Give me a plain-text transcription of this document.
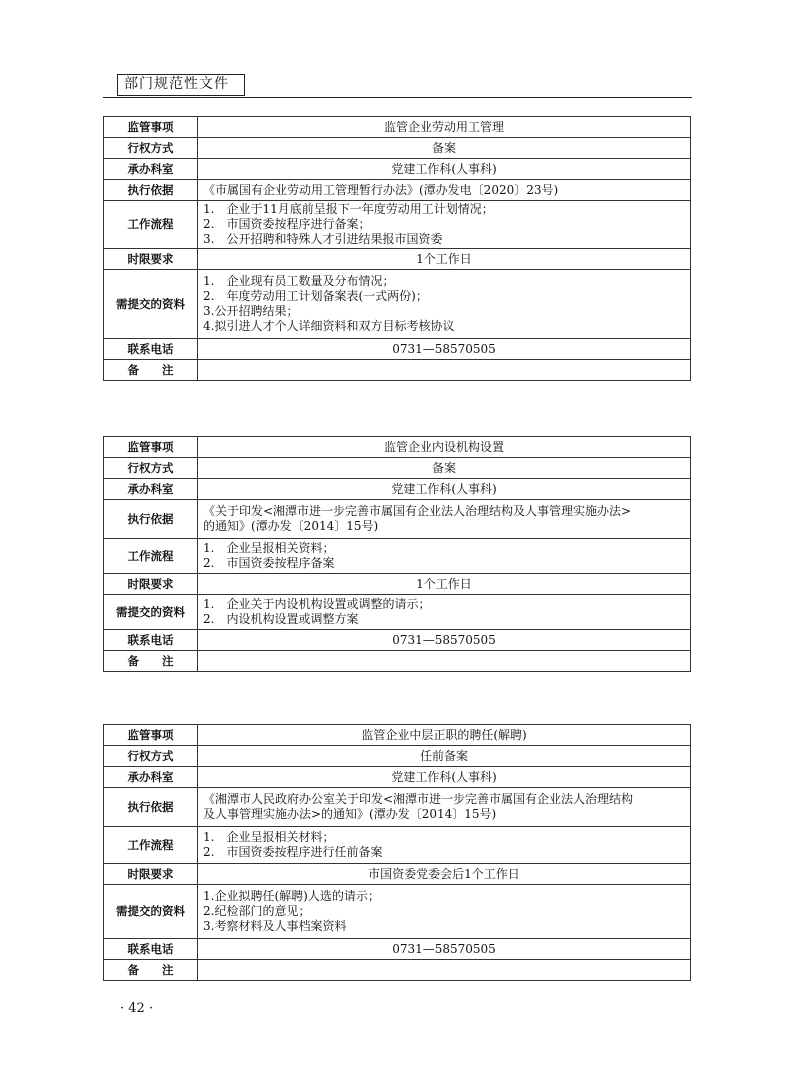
部门规范性文件
监管事项	监管企业劳动用工管理
行权方式	备案
承办科室	党建工作科(人事科)
执行依据	《市属国有企业劳动用工管理暂行办法》(潭办发电〔2020〕23号)

工作流程	1.　企业于11月底前呈报下一年度劳动用工计划情况；
2.　市国资委按程序进行备案；
3.　公开招聘和特殊人才引进结果报市国资委

时限要求	1个工作日
需提交的资料	1.　企业现有员工数量及分布情况；
2.　年度劳动用工计划备案表(一式两份)；
3.公开招聘结果；
4.拟引进人才个人详细资料和双方目标考核协议

联系电话	0731—58570505
备　　注	
监管事项	监管企业内设机构设置
行权方式	备案
承办科室	党建工作科(人事科)
执行依据	《关于印发<湘潭市进一步完善市属国有企业法人治理结构及人事管理实施办法>
的通知》(潭办发〔2014〕15号)

工作流程	1.　企业呈报相关资料；
2.　市国资委按程序备案

时限要求	1个工作日
需提交的资料	1.　企业关于内设机构设置或调整的请示；
2.　内设机构设置或调整方案

联系电话	0731—58570505
备　　注	
监管事项	监管企业中层正职的聘任(解聘)
行权方式	任前备案
承办科室	党建工作科(人事科)
执行依据	《湘潭市人民政府办公室关于印发<湘潭市进一步完善市属国有企业法人治理结构
及人事管理实施办法>的通知》(潭办发〔2014〕15号)

工作流程	1.　企业呈报相关材料；
2.　市国资委按程序进行任前备案

时限要求	市国资委党委会后1个工作日
需提交的资料	1.企业拟聘任(解聘)人选的请示；
2.纪检部门的意见；
3.考察材料及人事档案资料

联系电话	0731—58570505
备　　注	
· 42 ·
